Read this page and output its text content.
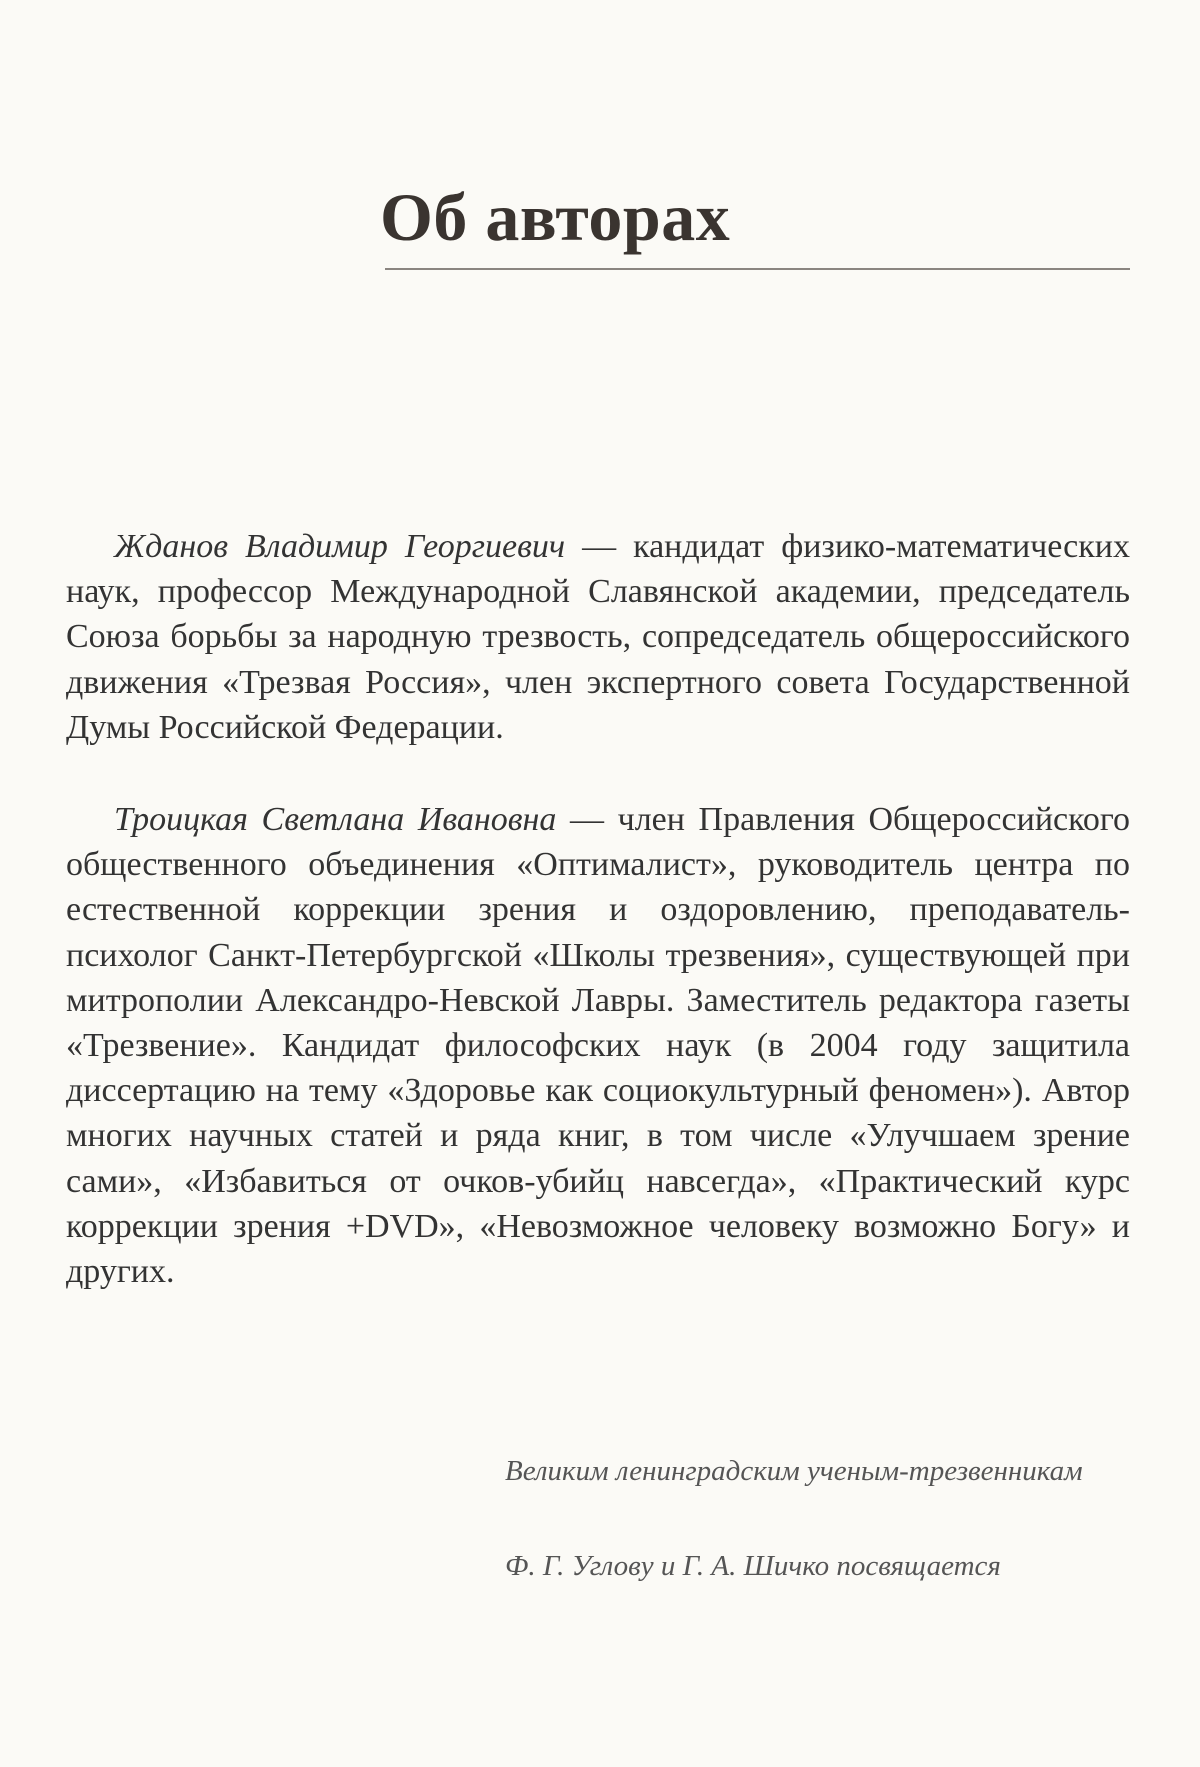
Об авторах

Жданов Владимир Георгиевич — кандидат физико-математических наук, профессор Международной Славянской академии, председатель Союза борьбы за народную трезвость, сопредседатель общероссийского движения «Трезвая Россия», член экспертного совета Государственной Думы Российской Федерации.

Троицкая Светлана Ивановна — член Правления Общероссийского общественного объединения «Оптималист», руководитель центра по естественной коррекции зрения и оздоровлению, преподаватель-психолог Санкт-Петербургской «Школы трезвения», существующей при митрополии Александро-Невской Лавры. Заместитель редактора газеты «Трезвение». Кандидат философских наук (в 2004 году защитила диссертацию на тему «Здоровье как социокультурный феномен»). Автор многих научных статей и ряда книг, в том числе «Улучшаем зрение сами», «Избавиться от очков-убийц навсегда», «Практический курс коррекции зрения +DVD», «Невозможное человеку возможно Богу» и других.

Великим ленинградским ученым-трезвенникам

Ф. Г. Углову и Г. А. Шичко посвящается
